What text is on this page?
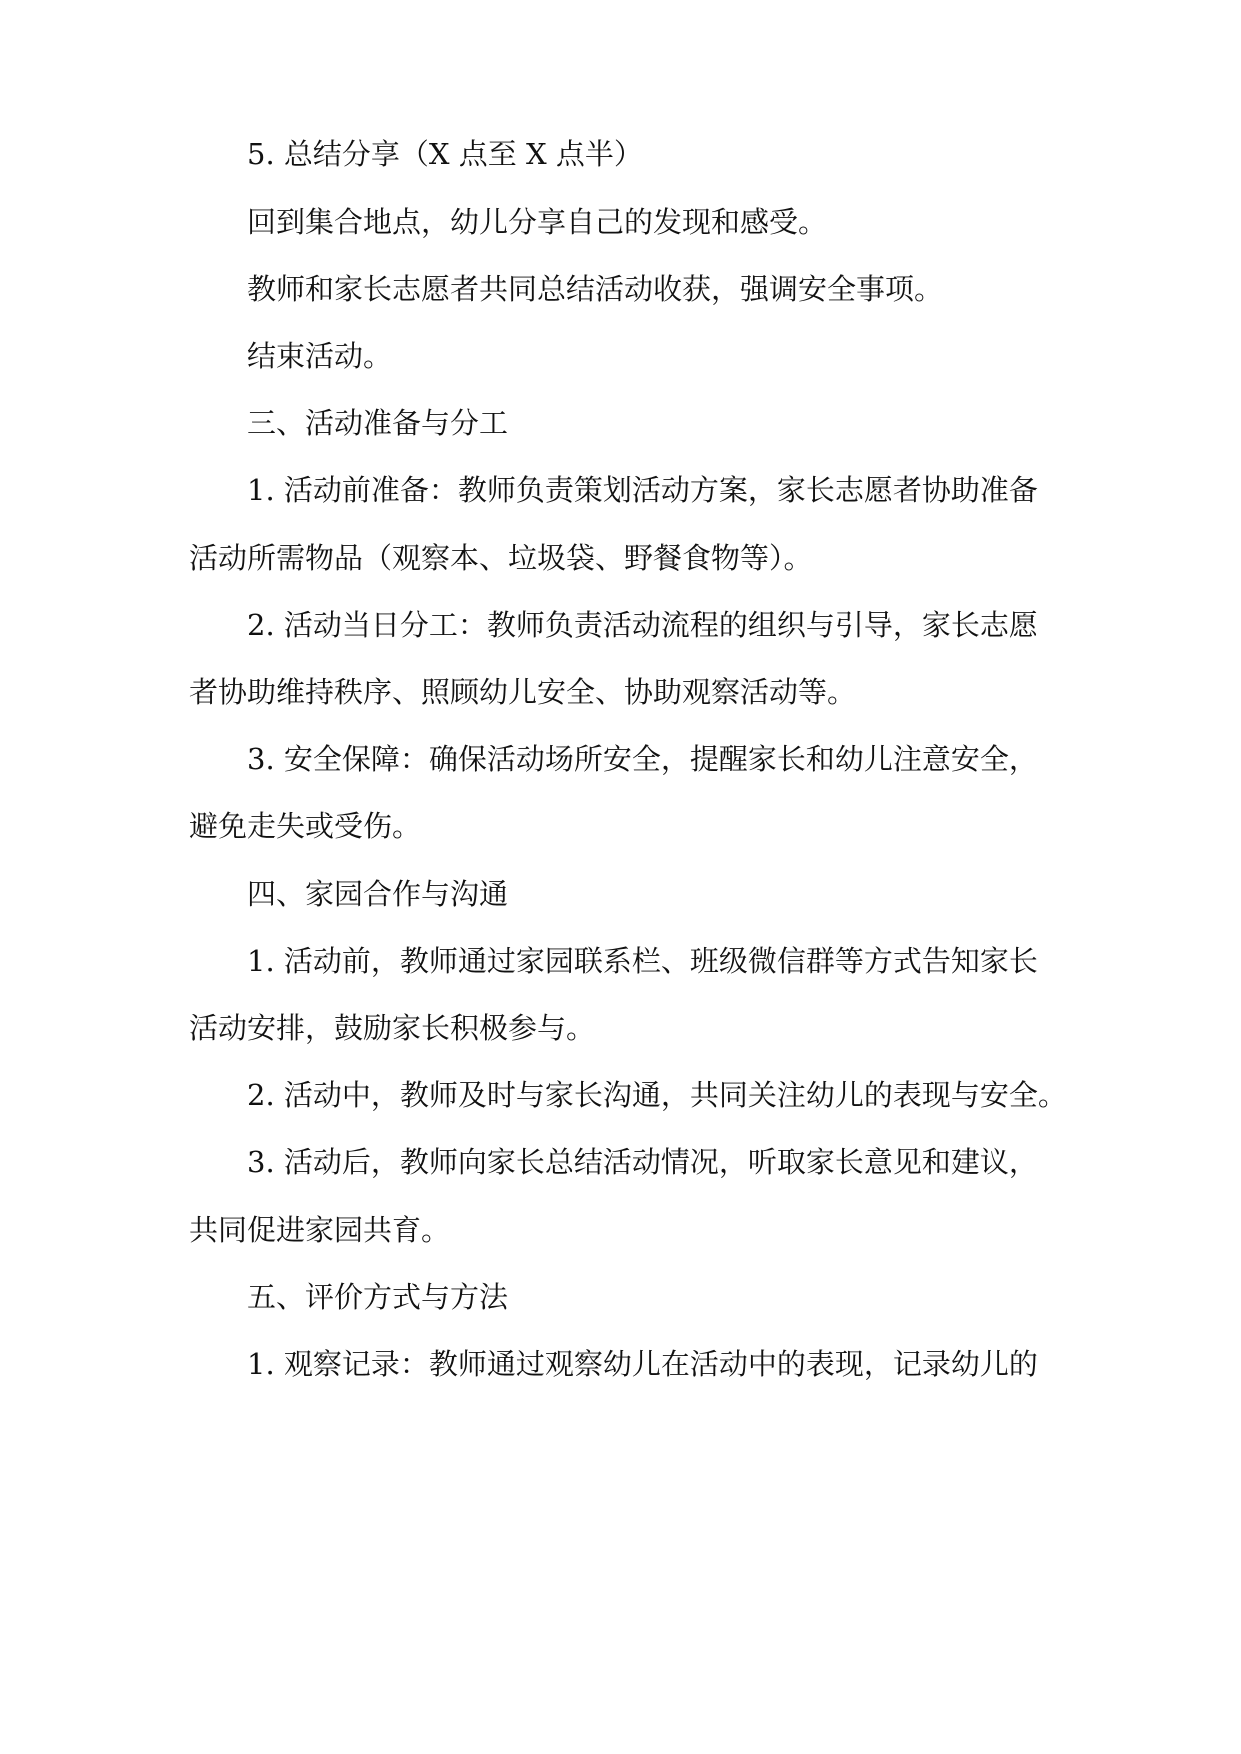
5. 总结分享（X 点至 X 点半）
回到集合地点，幼儿分享自己的发现和感受。
教师和家长志愿者共同总结活动收获，强调安全事项。
结束活动。
三、活动准备与分工
1. 活动前准备：教师负责策划活动方案，家长志愿者协助准备
活动所需物品（观察本、垃圾袋、野餐食物等）。
2. 活动当日分工：教师负责活动流程的组织与引导，家长志愿
者协助维持秩序、照顾幼儿安全、协助观察活动等。
3. 安全保障：确保活动场所安全，提醒家长和幼儿注意安全，
避免走失或受伤。
四、家园合作与沟通
1. 活动前，教师通过家园联系栏、班级微信群等方式告知家长
活动安排，鼓励家长积极参与。
2. 活动中，教师及时与家长沟通，共同关注幼儿的表现与安全。
3. 活动后，教师向家长总结活动情况，听取家长意见和建议，
共同促进家园共育。
五、评价方式与方法
1. 观察记录：教师通过观察幼儿在活动中的表现，记录幼儿的
